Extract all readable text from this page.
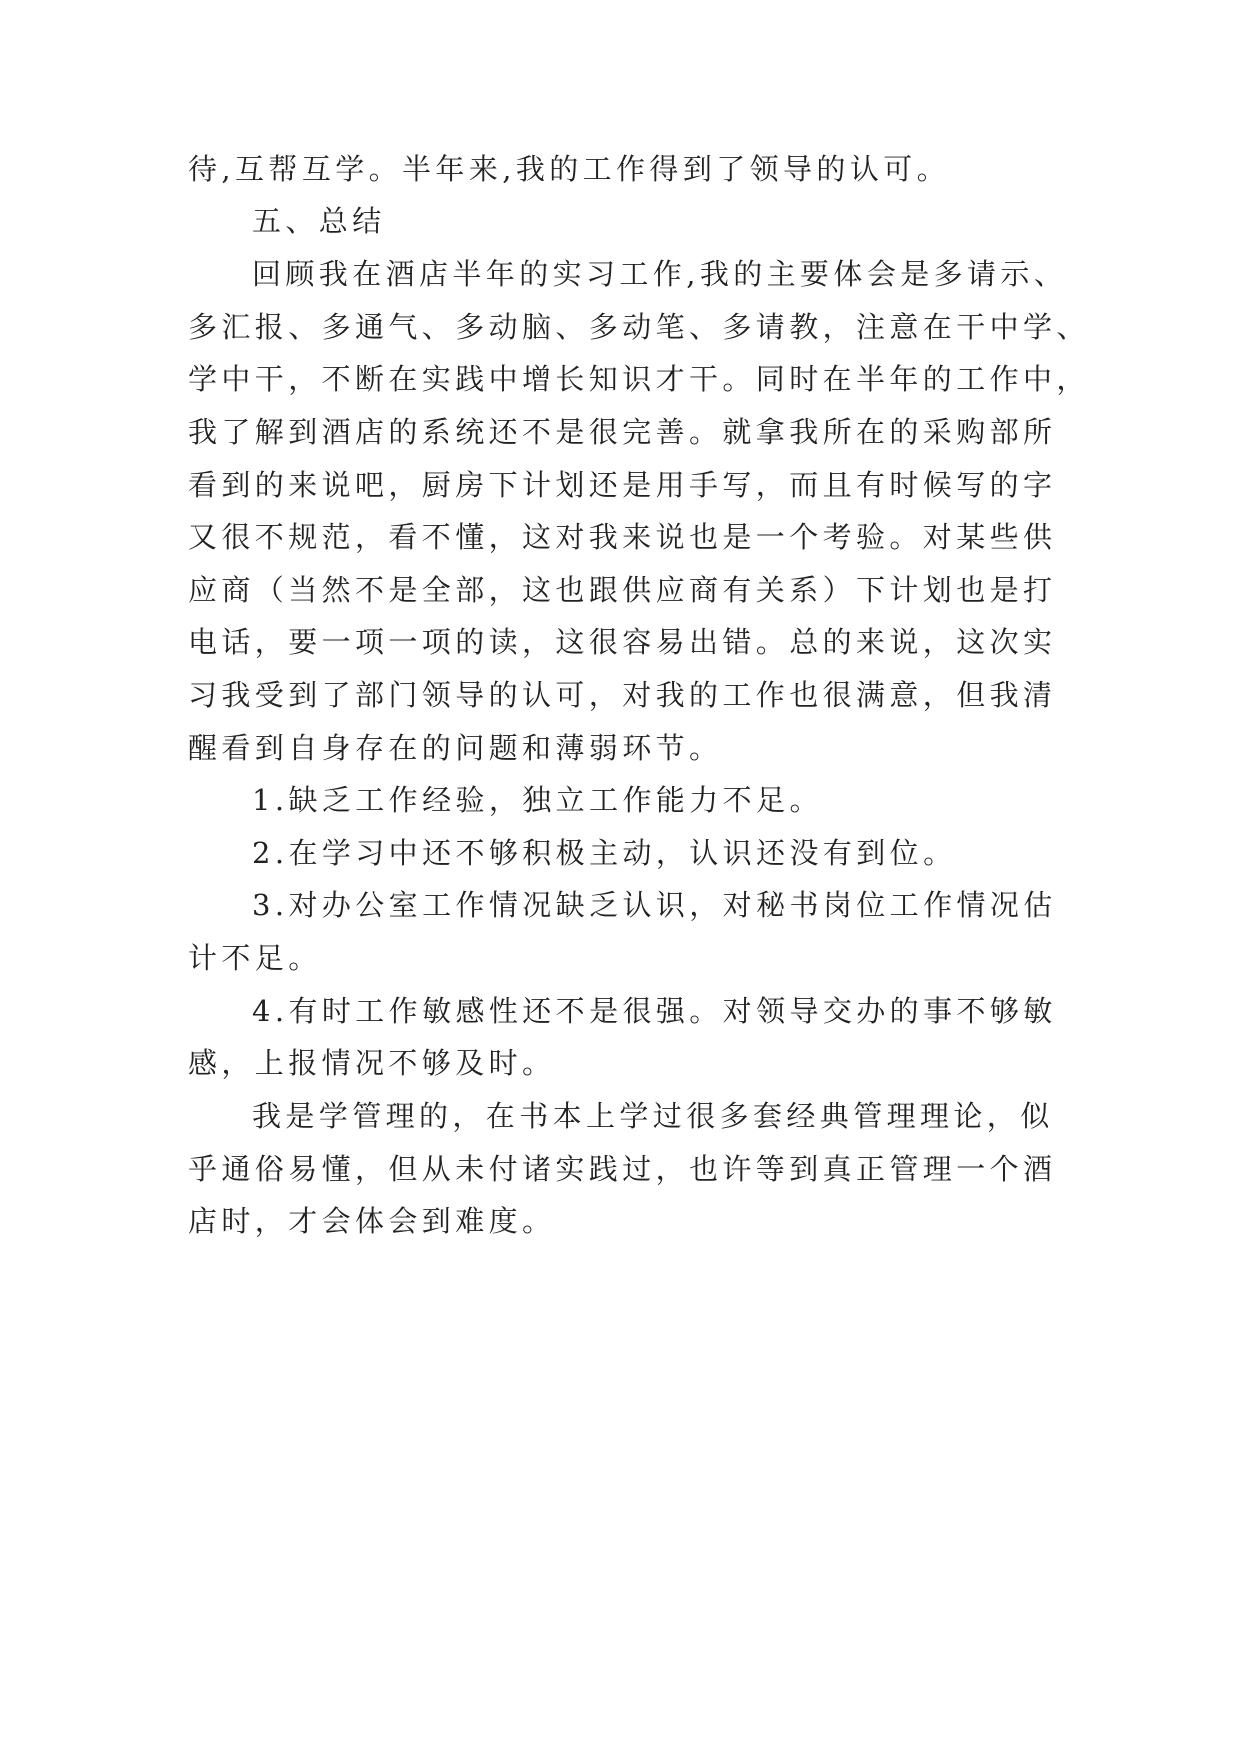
待,互帮互学。半年来,我的工作得到了领导的认可。

五、总结

回顾我在酒店半年的实习工作,我的主要体会是多请示、

多汇报、多通气、多动脑、多动笔、多请教，注意在干中学、

学中干，不断在实践中增长知识才干。同时在半年的工作中，

我了解到酒店的系统还不是很完善。就拿我所在的采购部所

看到的来说吧，厨房下计划还是用手写，而且有时候写的字

又很不规范，看不懂，这对我来说也是一个考验。对某些供

应商（当然不是全部，这也跟供应商有关系）下计划也是打

电话，要一项一项的读，这很容易出错。总的来说，这次实

习我受到了部门领导的认可，对我的工作也很满意，但我清

醒看到自身存在的问题和薄弱环节。

1.缺乏工作经验，独立工作能力不足。

2.在学习中还不够积极主动，认识还没有到位。

3.对办公室工作情况缺乏认识，对秘书岗位工作情况估

计不足。

4.有时工作敏感性还不是很强。对领导交办的事不够敏

感，上报情况不够及时。

我是学管理的，在书本上学过很多套经典管理理论，似

乎通俗易懂，但从未付诸实践过，也许等到真正管理一个酒

店时，才会体会到难度。
